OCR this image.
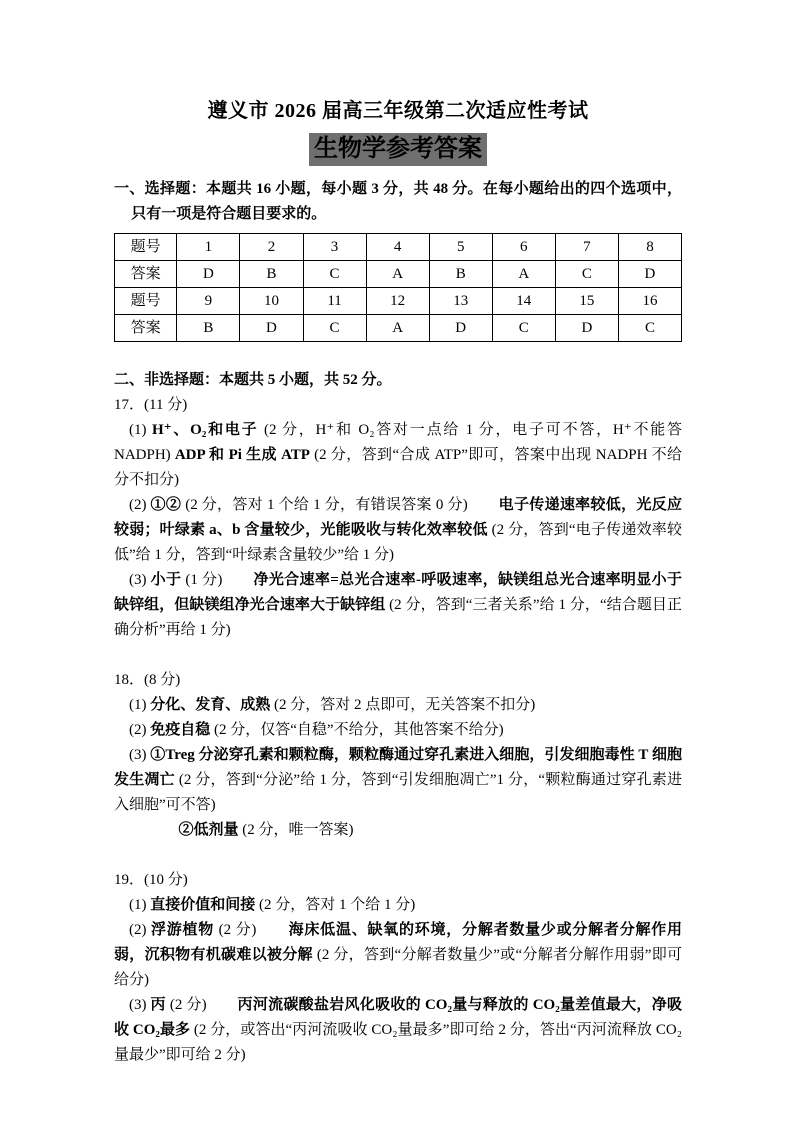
遵义市 2026 届高三年级第二次适应性考试
生物学参考答案

一、选择题：本题共 16 小题，每小题 3 分，共 48 分。在每小题给出的四个选项中，只有一项是符合题目要求的。

题号	1	2	3	4	5	6	7	8
答案	D	B	C	A	B	A	C	D
题号	9	10	11	12	13	14	15	16
答案	B	D	C	A	D	C	D	C

二、非选择题：本题共 5 小题，共 52 分。

17．(11 分)

(1) H⁺、O₂和电子 (2 分，H⁺和 O₂答对一点给 1 分，电子可不答，H⁺不能答 NADPH) ADP 和 Pi 生成 ATP (2 分，答到“合成 ATP”即可，答案中出现 NADPH 不给分不扣分)

(2) ①② (2 分，答对 1 个给 1 分，有错误答案 0 分)　　电子传递速率较低，光反应较弱；叶绿素 a、b 含量较少，光能吸收与转化效率较低 (2 分，答到“电子传递效率较低”给 1 分，答到“叶绿素含量较少”给 1 分)

(3) 小于 (1 分)　　净光合速率=总光合速率-呼吸速率，缺镁组总光合速率明显小于缺锌组，但缺镁组净光合速率大于缺锌组 (2 分，答到“三者关系”给 1 分，“结合题目正确分析”再给 1 分)

18．(8 分)

(1) 分化、发育、成熟 (2 分，答对 2 点即可，无关答案不扣分)

(2) 免疫自稳 (2 分，仅答“自稳”不给分，其他答案不给分)

(3) ①Treg 分泌穿孔素和颗粒酶，颗粒酶通过穿孔素进入细胞，引发细胞毒性 T 细胞发生凋亡 (2 分，答到“分泌”给 1 分，答到“引发细胞凋亡”1 分，“颗粒酶通过穿孔素进入细胞”可不答)

②低剂量 (2 分，唯一答案)

19．(10 分)

(1) 直接价值和间接 (2 分，答对 1 个给 1 分)

(2) 浮游植物 (2 分)　　海床低温、缺氧的环境，分解者数量少或分解者分解作用弱，沉积物有机碳难以被分解 (2 分，答到“分解者数量少”或“分解者分解作用弱”即可给分)

(3) 丙 (2 分)　　丙河流碳酸盐岩风化吸收的 CO₂量与释放的 CO₂量差值最大，净吸收 CO₂最多 (2 分，或答出“丙河流吸收 CO₂量最多”即可给 2 分，答出“丙河流释放 CO₂量最少”即可给 2 分)
